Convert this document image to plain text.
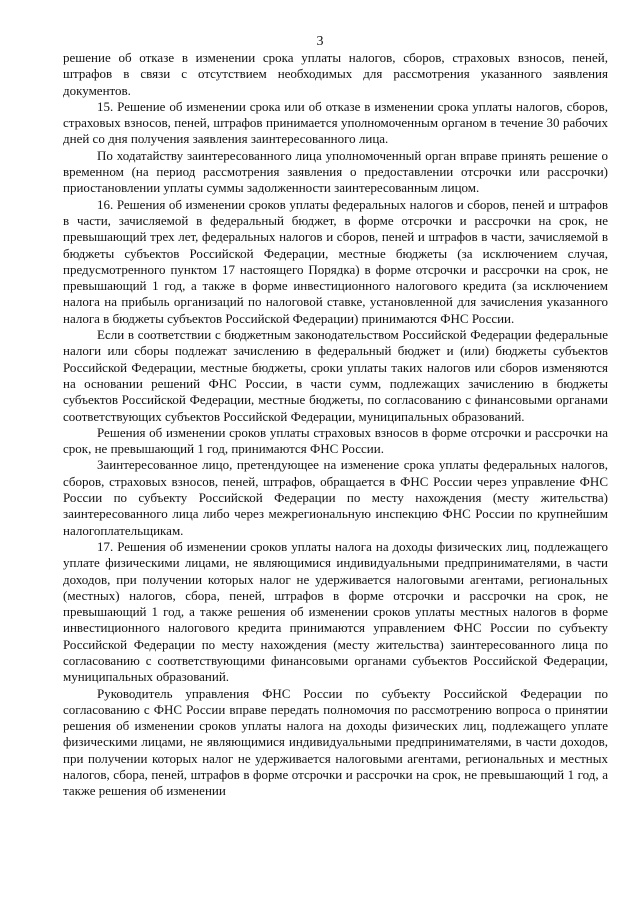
3

решение об отказе в изменении срока уплаты налогов, сборов, страховых взносов, пеней, штрафов в связи с отсутствием необходимых для рассмотрения указанного заявления документов.

15. Решение об изменении срока или об отказе в изменении срока уплаты налогов, сборов, страховых взносов, пеней, штрафов принимается уполномоченным органом в течение 30 рабочих дней со дня получения заявления заинтересованного лица.

По ходатайству заинтересованного лица уполномоченный орган вправе принять решение о временном (на период рассмотрения заявления о предоставлении отсрочки или рассрочки) приостановлении уплаты суммы задолженности заинтересованным лицом.

16. Решения об изменении сроков уплаты федеральных налогов и сборов, пеней и штрафов в части, зачисляемой в федеральный бюджет, в форме отсрочки и рассрочки на срок, не превышающий трех лет, федеральных налогов и сборов, пеней и штрафов в части, зачисляемой в бюджеты субъектов Российской Федерации, местные бюджеты (за исключением случая, предусмотренного пунктом 17 настоящего Порядка) в форме отсрочки и рассрочки на срок, не превышающий 1 год, а также в форме инвестиционного налогового кредита (за исключением налога на прибыль организаций по налоговой ставке, установленной для зачисления указанного налога в бюджеты субъектов Российской Федерации) принимаются ФНС России.

Если в соответствии с бюджетным законодательством Российской Федерации федеральные налоги или сборы подлежат зачислению в федеральный бюджет и (или) бюджеты субъектов Российской Федерации, местные бюджеты, сроки уплаты таких налогов или сборов изменяются на основании решений ФНС России, в части сумм, подлежащих зачислению в бюджеты субъектов Российской Федерации, местные бюджеты, по согласованию с финансовыми органами соответствующих субъектов Российской Федерации, муниципальных образований.

Решения об изменении сроков уплаты страховых взносов в форме отсрочки и рассрочки на срок, не превышающий 1 год, принимаются ФНС России.

Заинтересованное лицо, претендующее на изменение срока уплаты федеральных налогов, сборов, страховых взносов, пеней, штрафов, обращается в ФНС России через управление ФНС России по субъекту Российской Федерации по месту нахождения (месту жительства) заинтересованного лица либо через межрегиональную инспекцию ФНС России по крупнейшим налогоплательщикам.

17. Решения об изменении сроков уплаты налога на доходы физических лиц, подлежащего уплате физическими лицами, не являющимися индивидуальными предпринимателями, в части доходов, при получении которых налог не удерживается налоговыми агентами, региональных (местных) налогов, сбора, пеней, штрафов в форме отсрочки и рассрочки на срок, не превышающий 1 год, а также решения об изменении сроков уплаты местных налогов в форме инвестиционного налогового кредита принимаются управлением ФНС России по субъекту Российской Федерации по месту нахождения (месту жительства) заинтересованного лица по согласованию с соответствующими финансовыми органами субъектов Российской Федерации, муниципальных образований.

Руководитель управления ФНС России по субъекту Российской Федерации по согласованию с ФНС России вправе передать полномочия по рассмотрению вопроса о принятии решения об изменении сроков уплаты налога на доходы физических лиц, подлежащего уплате физическими лицами, не являющимися индивидуальными предпринимателями, в части доходов, при получении которых налог не удерживается налоговыми агентами, региональных и местных налогов, сбора, пеней, штрафов в форме отсрочки и рассрочки на срок, не превышающий 1 год, а также решения об изменении
